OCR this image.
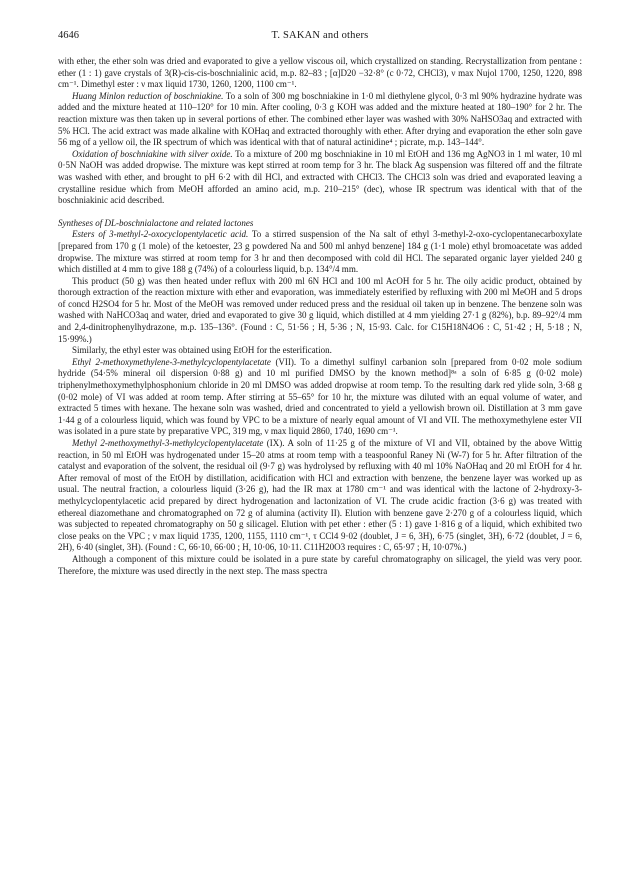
4646	T. SAKAN and others

with ether, the ether soln was dried and evaporated to give a yellow viscous oil, which crystallized on standing. Recrystallization from pentane : ether (1 : 1) gave crystals of 3(R)-cis-cis-boschnialinic acid, m.p. 82–83 ; [α]D20 −32·8° (c 0·72, CHCl3), ν max Nujol 1700, 1250, 1220, 898 cm⁻¹. Dimethyl ester : ν max liquid 1730, 1260, 1200, 1100 cm⁻¹.

Huang Minlon reduction of boschniakine. To a soln of 300 mg boschniakine in 1·0 ml diethylene glycol, 0·3 ml 90% hydrazine hydrate was added and the mixture heated at 110–120° for 10 min. After cooling, 0·3 g KOH was added and the mixture heated at 180–190° for 2 hr. The reaction mixture was then taken up in several portions of ether. The combined ether layer was washed with 30% NaHSO3aq and extracted with 5% HCl. The acid extract was made alkaline with KOHaq and extracted thoroughly with ether. After drying and evaporation the ether soln gave 56 mg of a yellow oil, the IR spectrum of which was identical with that of natural actinidine⁴ ; picrate, m.p. 143–144°.

Oxidation of boschniakine with silver oxide. To a mixture of 200 mg boschniakine in 10 ml EtOH and 136 mg AgNO3 in 1 ml water, 10 ml 0·5N NaOH was added dropwise. The mixture was kept stirred at room temp for 3 hr. The black Ag suspension was filtered off and the filtrate was washed with ether, and brought to pH 6·2 with dil HCl, and extracted with CHCl3. The CHCl3 soln was dried and evaporated leaving a crystalline residue which from MeOH afforded an amino acid, m.p. 210–215° (dec), whose IR spectrum was identical with that of the boschniakinic acid described.

Syntheses of DL-boschnialactone and related lactones

Esters of 3-methyl-2-oxocyclopentylacetic acid. To a stirred suspension of the Na salt of ethyl 3-methyl-2-oxo-cyclopentanecarboxylate [prepared from 170 g (1 mole) of the ketoester, 23 g powdered Na and 500 ml anhyd benzene] 184 g (1·1 mole) ethyl bromoacetate was added dropwise. The mixture was stirred at room temp for 3 hr and then decomposed with cold dil HCl. The separated organic layer yielded 240 g which distilled at 4 mm to give 188 g (74%) of a colourless liquid, b.p. 134°/4 mm.

This product (50 g) was then heated under reflux with 200 ml 6N HCl and 100 ml AcOH for 5 hr. The oily acidic product, obtained by thorough extraction of the reaction mixture with ether and evaporation, was immediately esterified by refluxing with 200 ml MeOH and 5 drops of concd H2SO4 for 5 hr. Most of the MeOH was removed under reduced press and the residual oil taken up in benzene. The benzene soln was washed with NaHCO3aq and water, dried and evaporated to give 30 g liquid, which distilled at 4 mm yielding 27·1 g (82%), b.p. 89–92°/4 mm and 2,4-dinitrophenylhydrazone, m.p. 135–136°. (Found : C, 51·56 ; H, 5·36 ; N, 15·93. Calc. for C15H18N4O6 : C, 51·42 ; H, 5·18 ; N, 15·99%.)

Similarly, the ethyl ester was obtained using EtOH for the esterification.

Ethyl 2-methoxymethylene-3-methylcyclopentylacetate (VII). To a dimethyl sulfinyl carbanion soln [prepared from 0·02 mole sodium hydride (54·5% mineral oil dispersion 0·88 g) and 10 ml purified DMSO by the known method]⁸ᵃ a soln of 6·85 g (0·02 mole) triphenylmethoxymethylphosphonium chloride in 20 ml DMSO was added dropwise at room temp. To the resulting dark red ylide soln, 3·68 g (0·02 mole) of VI was added at room temp. After stirring at 55–65° for 10 hr, the mixture was diluted with an equal volume of water, and extracted 5 times with hexane. The hexane soln was washed, dried and concentrated to yield a yellowish brown oil. Distillation at 3 mm gave 1·44 g of a colourless liquid, which was found by VPC to be a mixture of nearly equal amount of VI and VII. The methoxymethylene ester VII was isolated in a pure state by preparative VPC, 319 mg, ν max liquid 2860, 1740, 1690 cm⁻¹.

Methyl 2-methoxymethyl-3-methylcyclopentylacetate (IX). A soln of 11·25 g of the mixture of VI and VII, obtained by the above Wittig reaction, in 50 ml EtOH was hydrogenated under 15–20 atms at room temp with a teaspoonful Raney Ni (W-7) for 5 hr. After filtration of the catalyst and evaporation of the solvent, the residual oil (9·7 g) was hydrolysed by refluxing with 40 ml 10% NaOHaq and 20 ml EtOH for 4 hr. After removal of most of the EtOH by distillation, acidification with HCl and extraction with benzene, the benzene layer was worked up as usual. The neutral fraction, a colourless liquid (3·26 g), had the IR max at 1780 cm⁻¹ and was identical with the lactone of 2-hydroxy-3-methylcyclopentylacetic acid prepared by direct hydrogenation and lactonization of VI. The crude acidic fraction (3·6 g) was treated with ethereal diazomethane and chromatographed on 72 g of alumina (activity II). Elution with benzene gave 2·270 g of a colourless liquid, which was subjected to repeated chromatography on 50 g silicagel. Elution with pet ether : ether (5 : 1) gave 1·816 g of a liquid, which exhibited two close peaks on the VPC ; ν max liquid 1735, 1200, 1155, 1110 cm⁻¹, τ CCl4 9·02 (doublet, J = 6, 3H), 6·75 (singlet, 3H), 6·72 (doublet, J = 6, 2H), 6·40 (singlet, 3H). (Found : C, 66·10, 66·00 ; H, 10·06, 10·11. C11H20O3 requires : C, 65·97 ; H, 10·07%.)

Although a component of this mixture could be isolated in a pure state by careful chromatography on silicagel, the yield was very poor. Therefore, the mixture was used directly in the next step. The mass spectra
